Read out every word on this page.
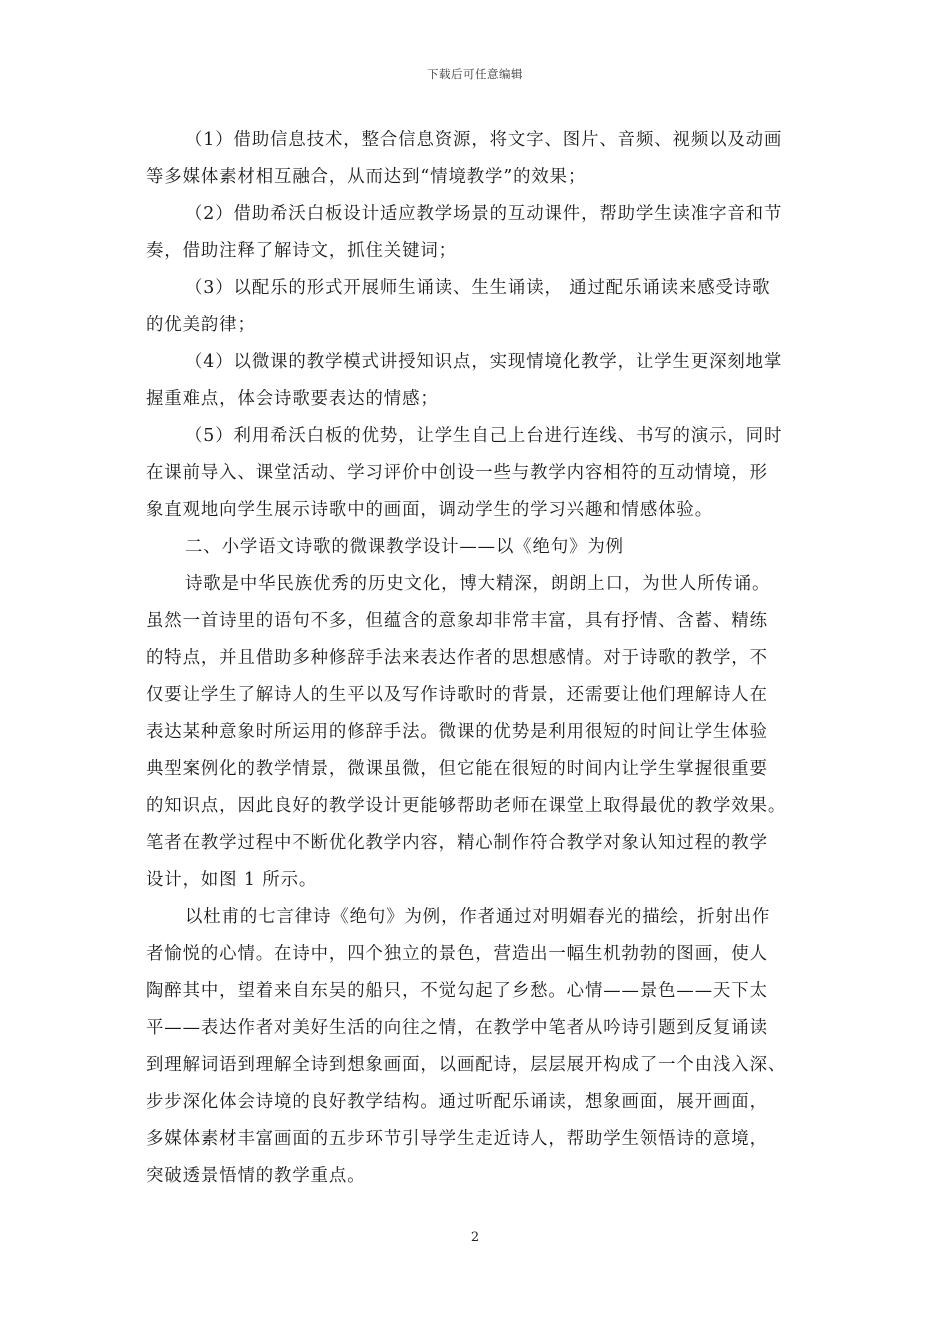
下载后可任意编辑
（1）借助信息技术，整合信息资源，将文字、图片、音频、视频以及动画
等多媒体素材相互融合，从而达到“情境教学”的效果；
（2）借助希沃白板设计适应教学场景的互动课件，帮助学生读准字音和节
奏，借助注释了解诗文，抓住关键词；
（3）以配乐的形式开展师生诵读、生生诵读， 通过配乐诵读来感受诗歌
的优美韵律；
（4）以微课的教学模式讲授知识点，实现情境化教学，让学生更深刻地掌
握重难点，体会诗歌要表达的情感；
（5）利用希沃白板的优势，让学生自己上台进行连线、书写的演示，同时
在课前导入、课堂活动、学习评价中创设一些与教学内容相符的互动情境，形
象直观地向学生展示诗歌中的画面，调动学生的学习兴趣和情感体验。
二、小学语文诗歌的微课教学设计——以《绝句》为例
诗歌是中华民族优秀的历史文化，博大精深，朗朗上口，为世人所传诵。
虽然一首诗里的语句不多，但蕴含的意象却非常丰富，具有抒情、含蓄、精练
的特点，并且借助多种修辞手法来表达作者的思想感情。对于诗歌的教学，不
仅要让学生了解诗人的生平以及写作诗歌时的背景，还需要让他们理解诗人在
表达某种意象时所运用的修辞手法。微课的优势是利用很短的时间让学生体验
典型案例化的教学情景，微课虽微，但它能在很短的时间内让学生掌握很重要
的知识点，因此良好的教学设计更能够帮助老师在课堂上取得最优的教学效果。
笔者在教学过程中不断优化教学内容，精心制作符合教学对象认知过程的教学
设计，如图 1 所示。
以杜甫的七言律诗《绝句》为例，作者通过对明媚春光的描绘，折射出作
者愉悦的心情。在诗中，四个独立的景色，营造出一幅生机勃勃的图画，使人
陶醉其中，望着来自东吴的船只，不觉勾起了乡愁。心情——景色——天下太
平——表达作者对美好生活的向往之情，在教学中笔者从吟诗引题到反复诵读
到理解词语到理解全诗到想象画面，以画配诗，层层展开构成了一个由浅入深、
步步深化体会诗境的良好教学结构。通过听配乐诵读，想象画面，展开画面，
多媒体素材丰富画面的五步环节引导学生走近诗人，帮助学生领悟诗的意境，
突破透景悟情的教学重点。
2
